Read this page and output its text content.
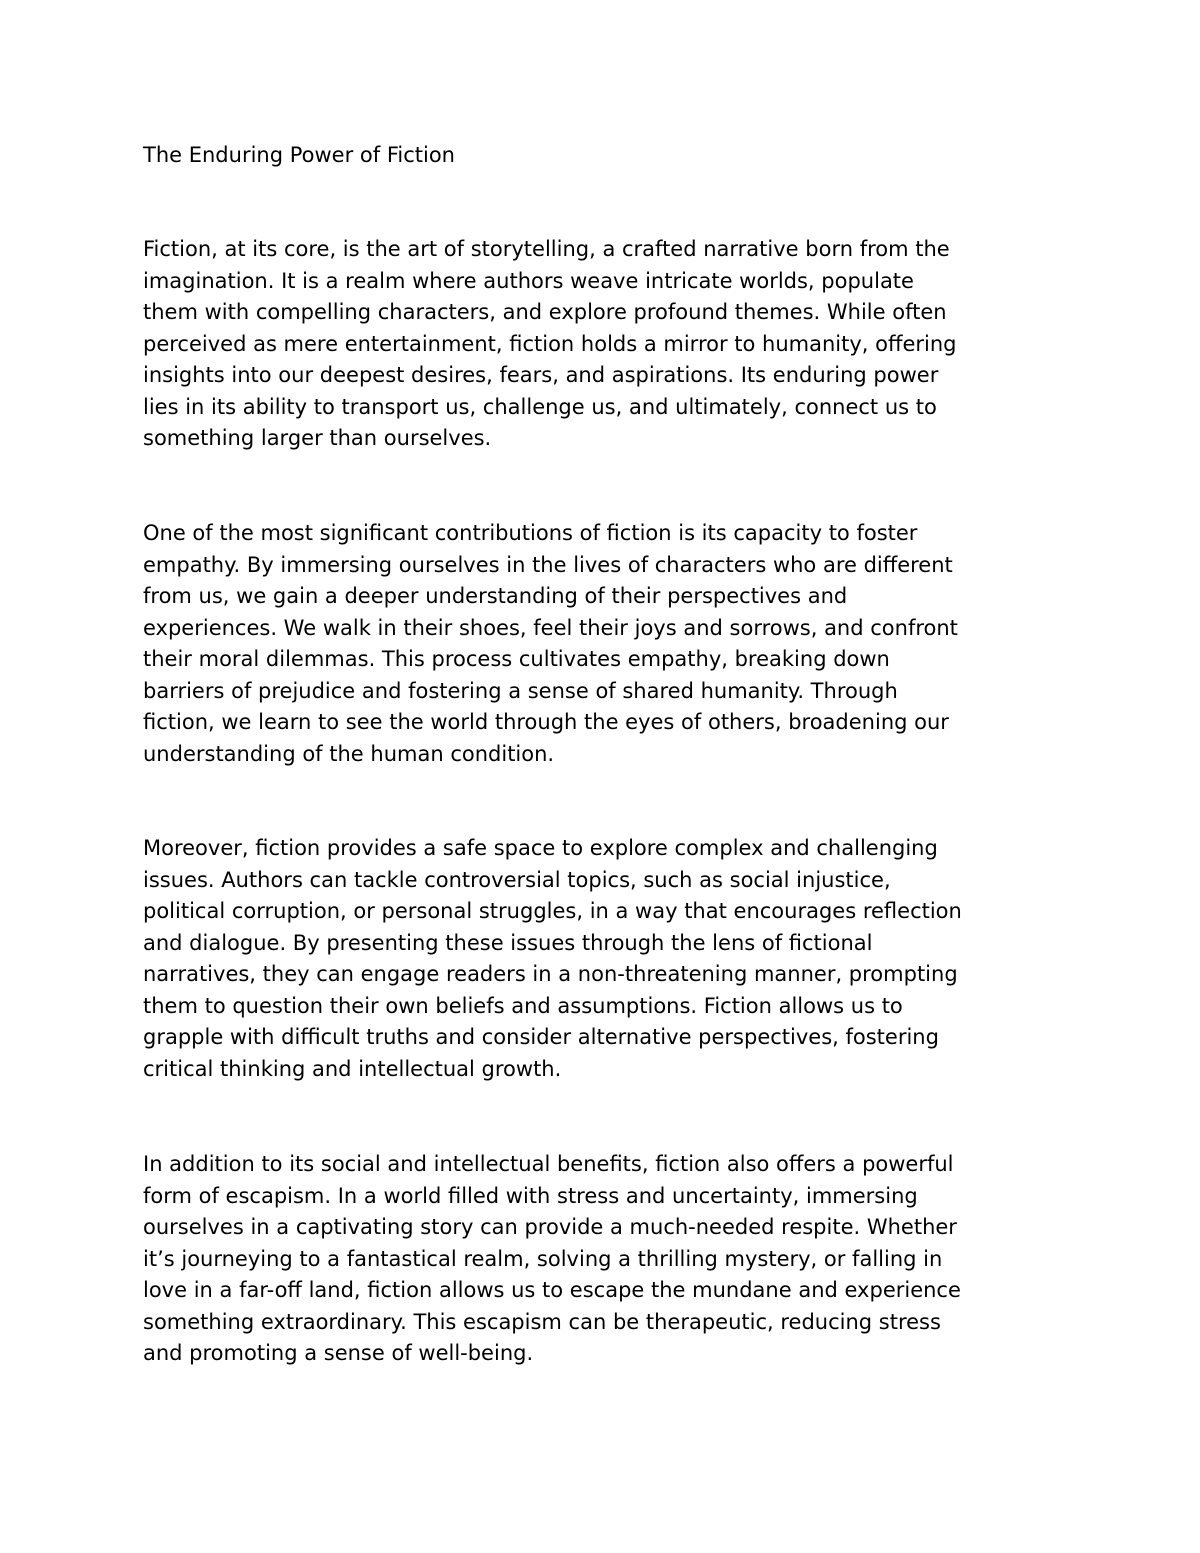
The Enduring Power of Fiction

Fiction, at its core, is the art of storytelling, a crafted narrative born from the
imagination. It is a realm where authors weave intricate worlds, populate
them with compelling characters, and explore profound themes. While often
perceived as mere entertainment, fiction holds a mirror to humanity, offering
insights into our deepest desires, fears, and aspirations. Its enduring power
lies in its ability to transport us, challenge us, and ultimately, connect us to
something larger than ourselves.

One of the most significant contributions of fiction is its capacity to foster
empathy. By immersing ourselves in the lives of characters who are different
from us, we gain a deeper understanding of their perspectives and
experiences. We walk in their shoes, feel their joys and sorrows, and confront
their moral dilemmas. This process cultivates empathy, breaking down
barriers of prejudice and fostering a sense of shared humanity. Through
fiction, we learn to see the world through the eyes of others, broadening our
understanding of the human condition.

Moreover, fiction provides a safe space to explore complex and challenging
issues. Authors can tackle controversial topics, such as social injustice,
political corruption, or personal struggles, in a way that encourages reflection
and dialogue. By presenting these issues through the lens of fictional
narratives, they can engage readers in a non-threatening manner, prompting
them to question their own beliefs and assumptions. Fiction allows us to
grapple with difficult truths and consider alternative perspectives, fostering
critical thinking and intellectual growth.

In addition to its social and intellectual benefits, fiction also offers a powerful
form of escapism. In a world filled with stress and uncertainty, immersing
ourselves in a captivating story can provide a much-needed respite. Whether
it’s journeying to a fantastical realm, solving a thrilling mystery, or falling in
love in a far-off land, fiction allows us to escape the mundane and experience
something extraordinary. This escapism can be therapeutic, reducing stress
and promoting a sense of well-being.
